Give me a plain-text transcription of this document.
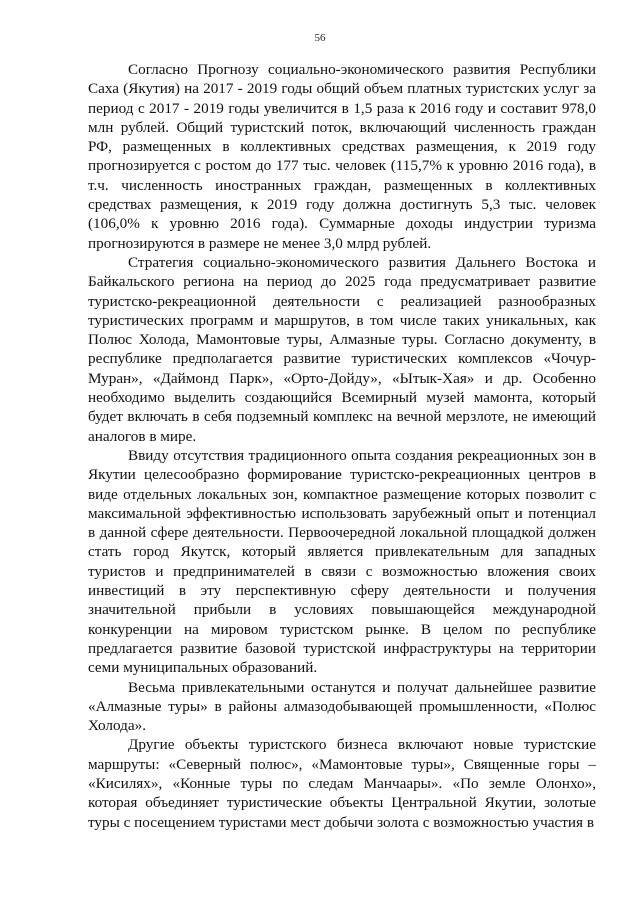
56

Согласно Прогнозу социально-экономического развития Республики Саха (Якутия) на 2017 - 2019 годы общий объем платных туристских услуг за период с 2017 - 2019 годы увеличится в 1,5 раза к 2016 году и составит 978,0 млн рублей. Общий туристский поток, включающий численность граждан РФ, размещенных в коллективных средствах размещения, к 2019 году прогнозируется с ростом до 177 тыс. человек (115,7% к уровню 2016 года), в т.ч. численность иностранных граждан, размещенных в коллективных средствах размещения, к 2019 году должна достигнуть 5,3 тыс. человек (106,0% к уровню 2016 года). Суммарные доходы индустрии туризма прогнозируются в размере не менее 3,0 млрд рублей.

Стратегия социально-экономического развития Дальнего Востока и Байкальского региона на период до 2025 года предусматривает развитие туристско-рекреационной деятельности с реализацией разнообразных туристических программ и маршрутов, в том числе таких уникальных, как Полюс Холода, Мамонтовые туры, Алмазные туры. Согласно документу, в республике предполагается развитие туристических комплексов «Чочур-Муран», «Даймонд Парк», «Орто-Дойду», «Ытык-Хая» и др. Особенно необходимо выделить создающийся Всемирный музей мамонта, который будет включать в себя подземный комплекс на вечной мерзлоте, не имеющий аналогов в мире.

Ввиду отсутствия традиционного опыта создания рекреационных зон в Якутии целесообразно формирование туристско-рекреационных центров в виде отдельных локальных зон, компактное размещение которых позволит с максимальной эффективностью использовать зарубежный опыт и потенциал в данной сфере деятельности. Первоочередной локальной площадкой должен стать город Якутск, который является привлекательным для западных туристов и предпринимателей в связи с возможностью вложения своих инвестиций в эту перспективную сферу деятельности и получения значительной прибыли в условиях повышающейся международной конкуренции на мировом туристском рынке. В целом по республике предлагается развитие базовой туристской инфраструктуры на территории семи муниципальных образований.

Весьма привлекательными останутся и получат дальнейшее развитие «Алмазные туры» в районы алмазодобывающей промышленности, «Полюс Холода».

Другие объекты туристского бизнеса включают новые туристские маршруты: «Северный полюс», «Мамонтовые туры», Священные горы – «Кисилях», «Конные туры по следам Манчаары». «По земле Олонхо», которая объединяет туристические объекты Центральной Якутии, золотые туры с посещением туристами мест добычи золота с возможностью участия в
